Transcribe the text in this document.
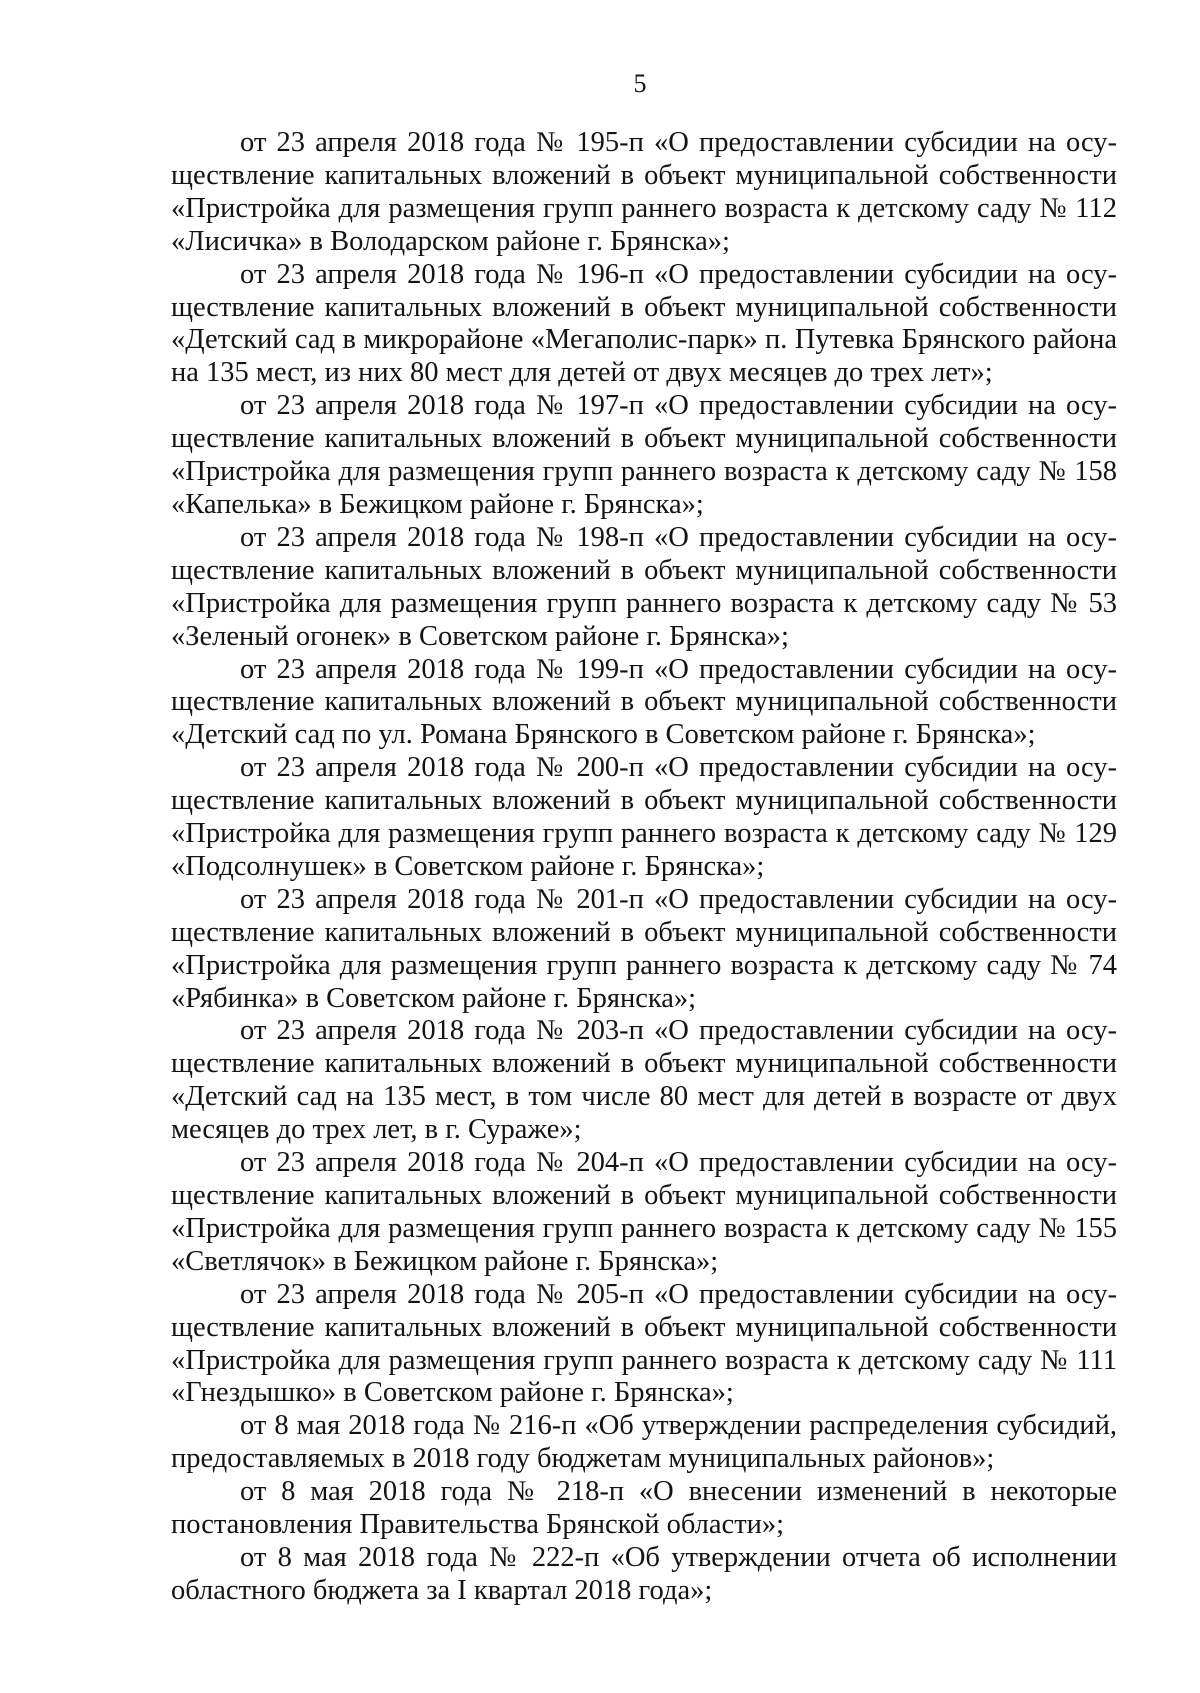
5

от 23 апреля 2018 года № 195-п «О предоставлении субсидии на осуществление капитальных вложений в объект муниципальной собственности «Пристройка для размещения групп раннего возраста к детскому саду № 112 «Лисичка» в Володарском районе г. Брянска»;

от 23 апреля 2018 года № 196-п «О предоставлении субсидии на осуществление капитальных вложений в объект муниципальной собственности «Детский сад в микрорайоне «Мегаполис-парк» п. Путевка Брянского района на 135 мест, из них 80 мест для детей от двух месяцев до трех лет»;

от 23 апреля 2018 года № 197-п «О предоставлении субсидии на осуществление капитальных вложений в объект муниципальной собственности «Пристройка для размещения групп раннего возраста к детскому саду № 158 «Капелька» в Бежицком районе г. Брянска»;

от 23 апреля 2018 года № 198-п «О предоставлении субсидии на осуществление капитальных вложений в объект муниципальной собственности «Пристройка для размещения групп раннего возраста к детскому саду № 53 «Зеленый огонек» в Советском районе г. Брянска»;

от 23 апреля 2018 года № 199-п «О предоставлении субсидии на осуществление капитальных вложений в объект муниципальной собственности «Детский сад по ул. Романа Брянского в Советском районе г. Брянска»;

от 23 апреля 2018 года № 200-п «О предоставлении субсидии на осуществление капитальных вложений в объект муниципальной собственности «Пристройка для размещения групп раннего возраста к детскому саду № 129 «Подсолнушек» в Советском районе г. Брянска»;

от 23 апреля 2018 года № 201-п «О предоставлении субсидии на осуществление капитальных вложений в объект муниципальной собственности «Пристройка для размещения групп раннего возраста к детскому саду № 74 «Рябинка» в Советском районе г. Брянска»;

от 23 апреля 2018 года № 203-п «О предоставлении субсидии на осуществление капитальных вложений в объект муниципальной собственности «Детский сад на 135 мест, в том числе 80 мест для детей в возрасте от двух месяцев до трех лет, в г. Сураже»;

от 23 апреля 2018 года № 204-п «О предоставлении субсидии на осуществление капитальных вложений в объект муниципальной собственности «Пристройка для размещения групп раннего возраста к детскому саду № 155 «Светлячок» в Бежицком районе г. Брянска»;

от 23 апреля 2018 года № 205-п «О предоставлении субсидии на осуществление капитальных вложений в объект муниципальной собственности «Пристройка для размещения групп раннего возраста к детскому саду № 111 «Гнездышко» в Советском районе г. Брянска»;

от 8 мая 2018 года № 216-п «Об утверждении распределения субсидий, предоставляемых в 2018 году бюджетам муниципальных районов»;

от 8 мая 2018 года № 218-п «О внесении изменений в некоторые постановления Правительства Брянской области»;

от 8 мая 2018 года № 222-п «Об утверждении отчета об исполнении областного бюджета за I квартал 2018 года»;
